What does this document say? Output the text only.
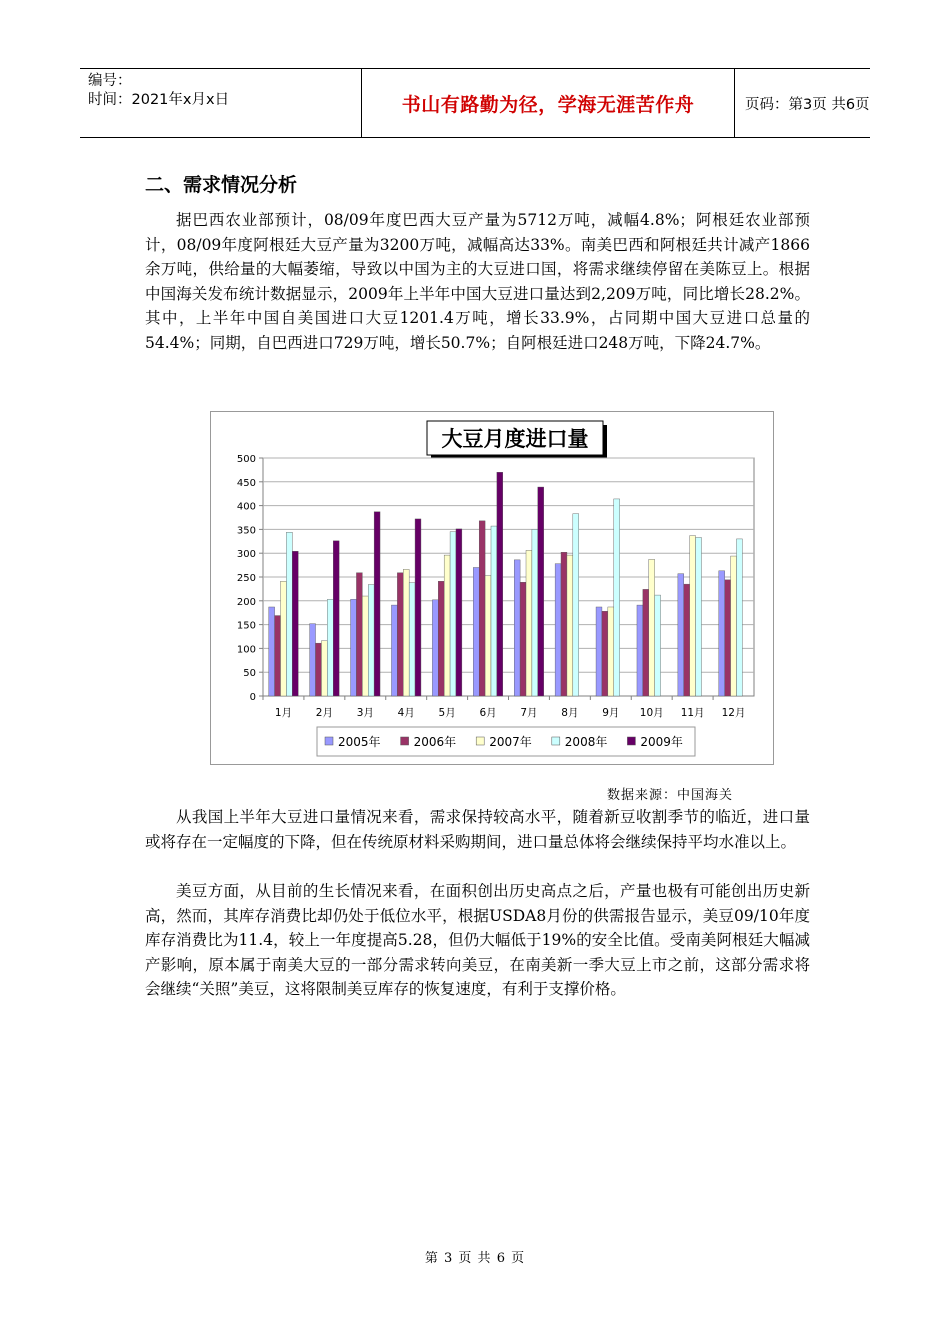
编号：
时间：2021年x月x日	书山有路勤为径，学海无涯苦作舟	页码：第3页 共6页
二、需求情况分析

据巴西农业部预计，08/09年度巴西大豆产量为5712万吨，减幅4.8%；阿根廷农业部预计，08/09年度阿根廷大豆产量为3200万吨，减幅高达33%。南美巴西和阿根廷共计减产1866余万吨，供给量的大幅萎缩，导致以中国为主的大豆进口国，将需求继续停留在美陈豆上。根据中国海关发布统计数据显示，2009年上半年中国大豆进口量达到2,209万吨，同比增长28.2%。其中，上半年中国自美国进口大豆1201.4万吨，增长33.9%，占同期中国大豆进口总量的54.4%；同期，自巴西进口729万吨，增长50.7%；自阿根廷进口248万吨，下降24.7%。

大豆月度进口量
0
50
100
150
200
250
300
350
400
450
500
1月 2月 3月 4月 5月 6月 7月 8月 9月 10月 11月 12月
2005年	2006年	2007年	2008年	2009年
数据来源：中国海关

从我国上半年大豆进口量情况来看，需求保持较高水平，随着新豆收割季节的临近，进口量或将存在一定幅度的下降，但在传统原材料采购期间，进口量总体将会继续保持平均水准以上。

美豆方面，从目前的生长情况来看，在面积创出历史高点之后，产量也极有可能创出历史新高，然而，其库存消费比却仍处于低位水平，根据USDA8月份的供需报告显示，美豆09/10年度库存消费比为11.4，较上一年度提高5.28，但仍大幅低于19%的安全比值。受南美阿根廷大幅减产影响，原本属于南美大豆的一部分需求转向美豆，在南美新一季大豆上市之前，这部分需求将会继续“关照”美豆，这将限制美豆库存的恢复速度，有利于支撑价格。

第 3 页 共 6 页
